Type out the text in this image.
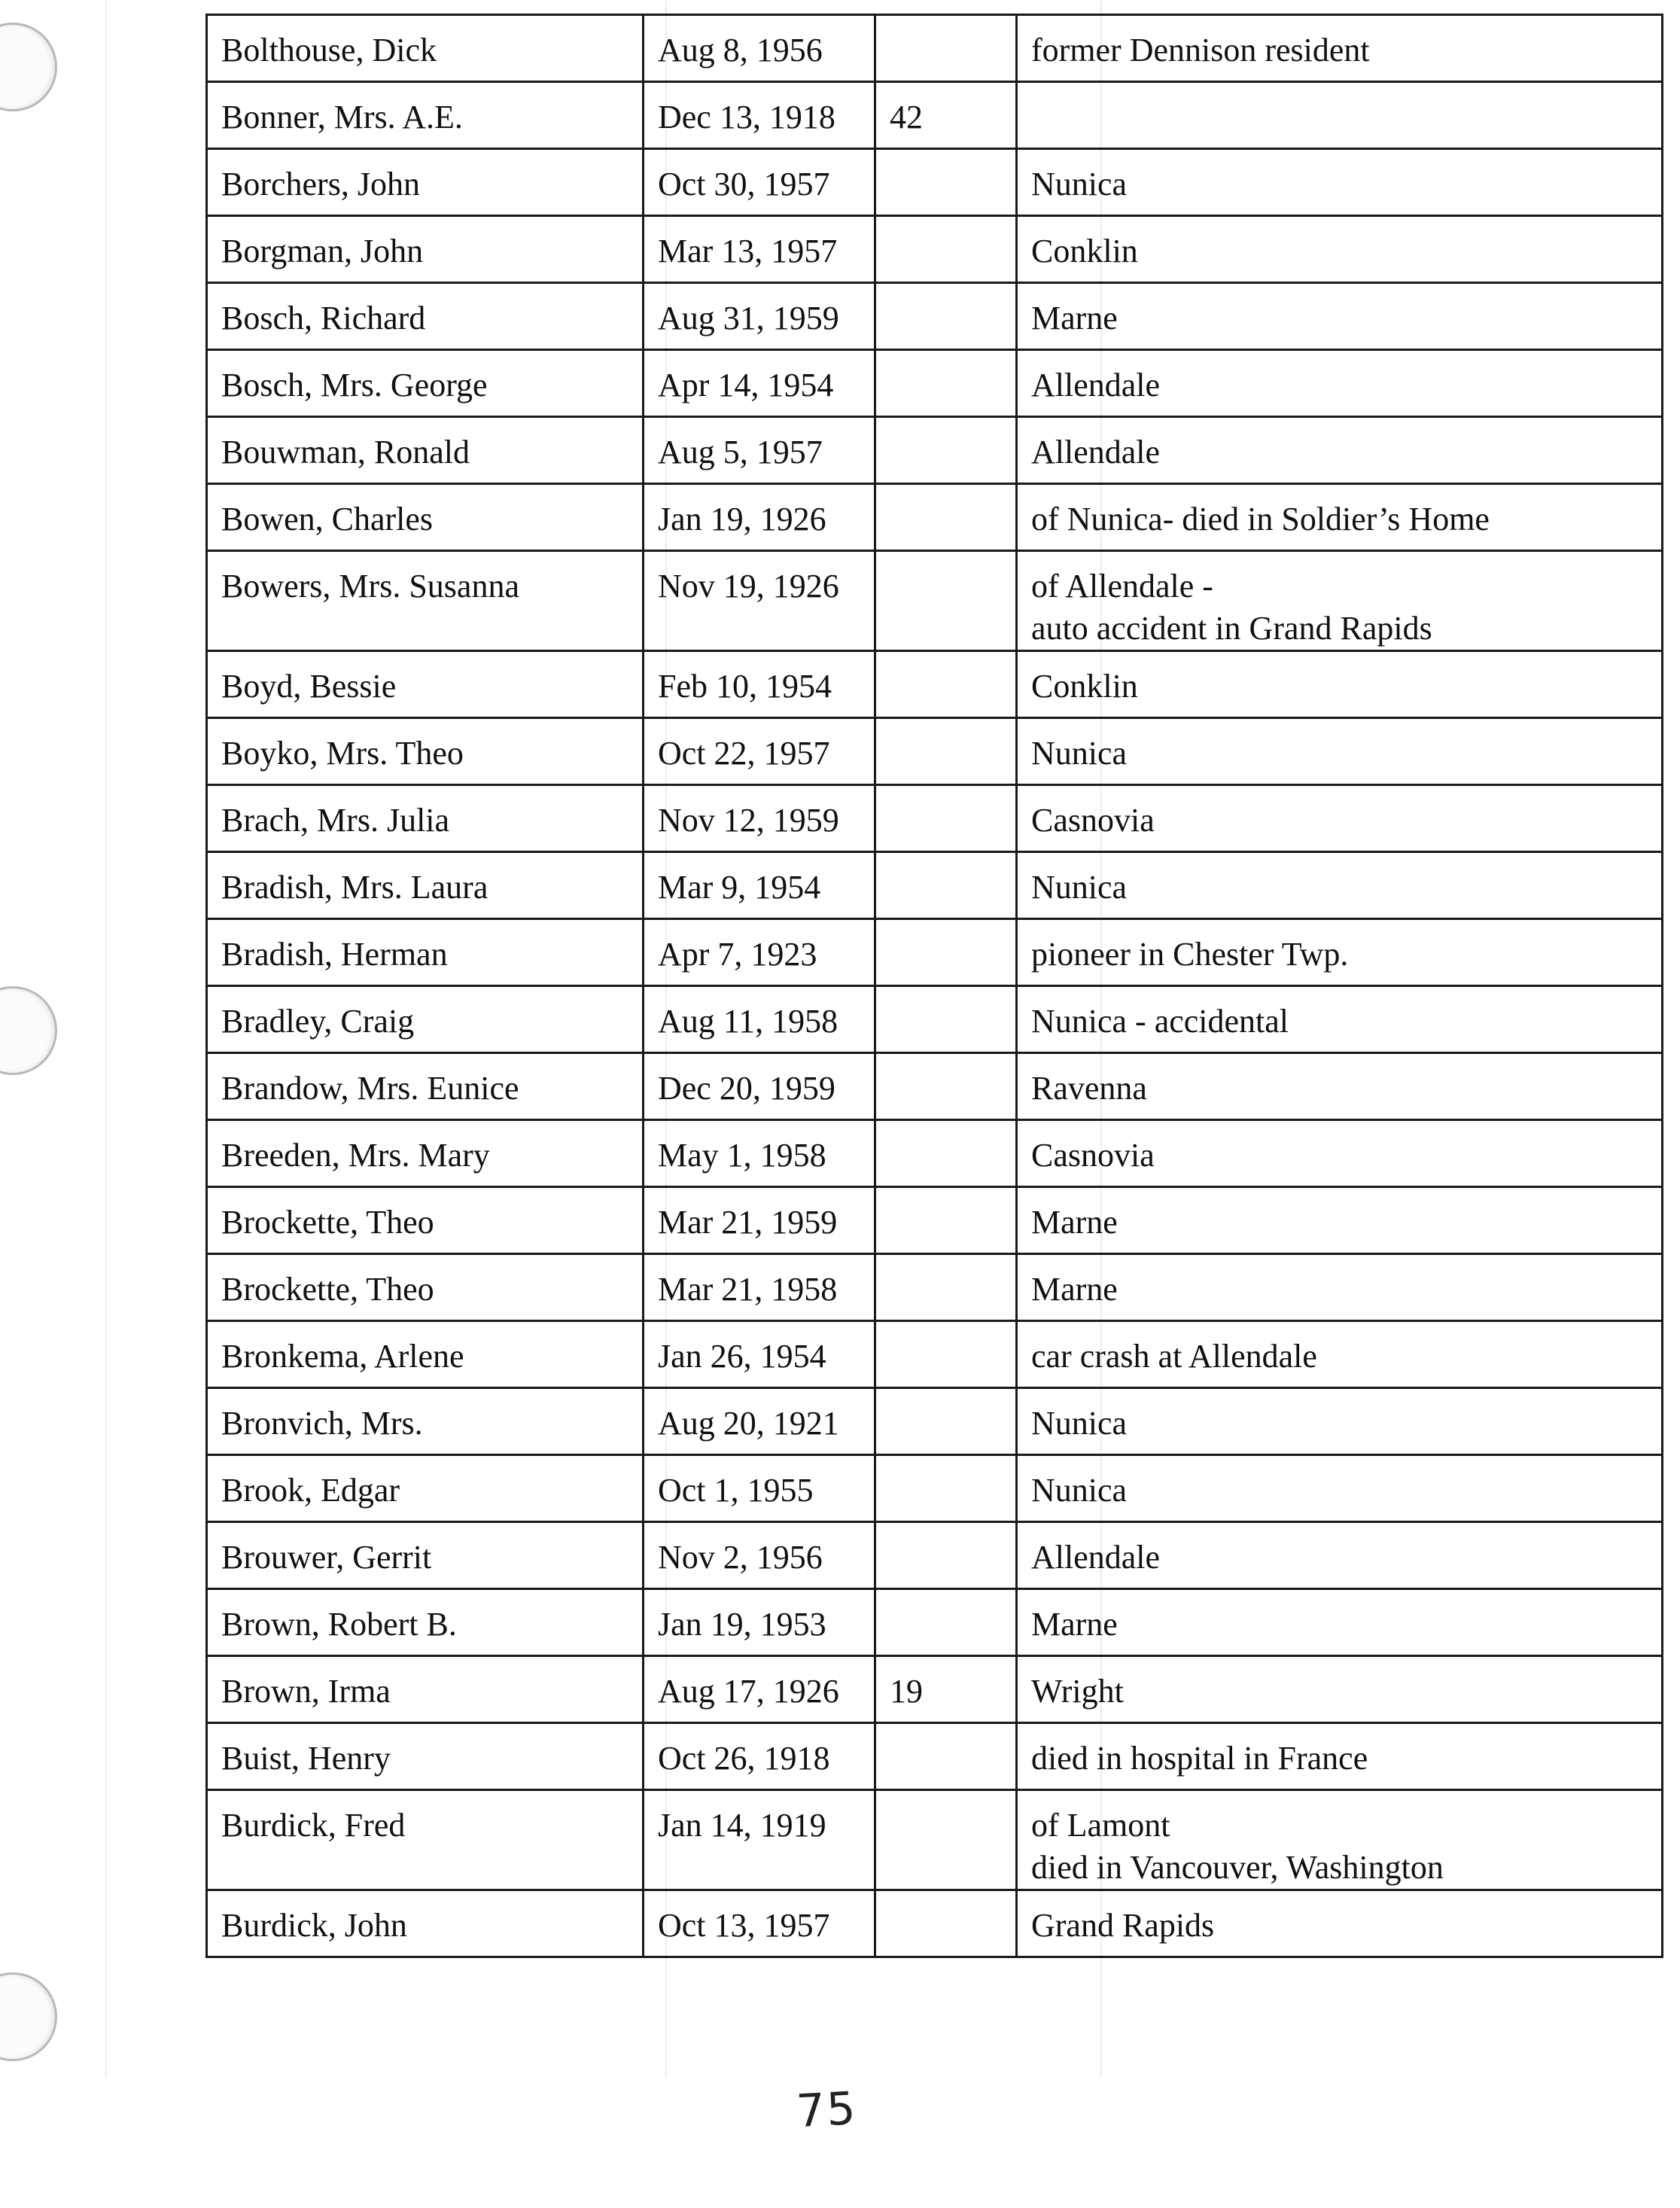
Bolthouse, Dick	Aug 8, 1956		former Dennison resident

Bonner, Mrs. A.E.	Dec 13, 1918	42	

Borchers, John	Oct 30, 1957		Nunica

Borgman, John	Mar 13, 1957		Conklin

Bosch, Richard	Aug 31, 1959		Marne

Bosch, Mrs. George	Apr 14, 1954		Allendale

Bouwman, Ronald	Aug 5, 1957		Allendale

Bowen, Charles	Jan 19, 1926		of Nunica- died in Soldier’s Home

Bowers, Mrs. Susanna	Nov 19, 1926		of Allendale -
auto accident in Grand Rapids

Boyd, Bessie	Feb 10, 1954		Conklin

Boyko, Mrs. Theo	Oct 22, 1957		Nunica

Brach, Mrs. Julia	Nov 12, 1959		Casnovia

Bradish, Mrs. Laura	Mar 9, 1954		Nunica

Bradish, Herman	Apr 7, 1923		pioneer in Chester Twp.

Bradley, Craig	Aug 11, 1958		Nunica - accidental

Brandow, Mrs. Eunice	Dec 20, 1959		Ravenna

Breeden, Mrs. Mary	May 1, 1958		Casnovia

Brockette, Theo	Mar 21, 1959		Marne

Brockette, Theo	Mar 21, 1958		Marne

Bronkema, Arlene	Jan 26, 1954		car crash at Allendale

Bronvich, Mrs.	Aug 20, 1921		Nunica

Brook, Edgar	Oct 1, 1955		Nunica

Brouwer, Gerrit	Nov 2, 1956		Allendale

Brown, Robert B.	Jan 19, 1953		Marne

Brown, Irma	Aug 17, 1926	19	Wright

Buist, Henry	Oct 26, 1918		died in hospital in France

Burdick, Fred	Jan 14, 1919		of Lamont
died in Vancouver, Washington

Burdick, John	Oct 13, 1957		Grand Rapids
75
